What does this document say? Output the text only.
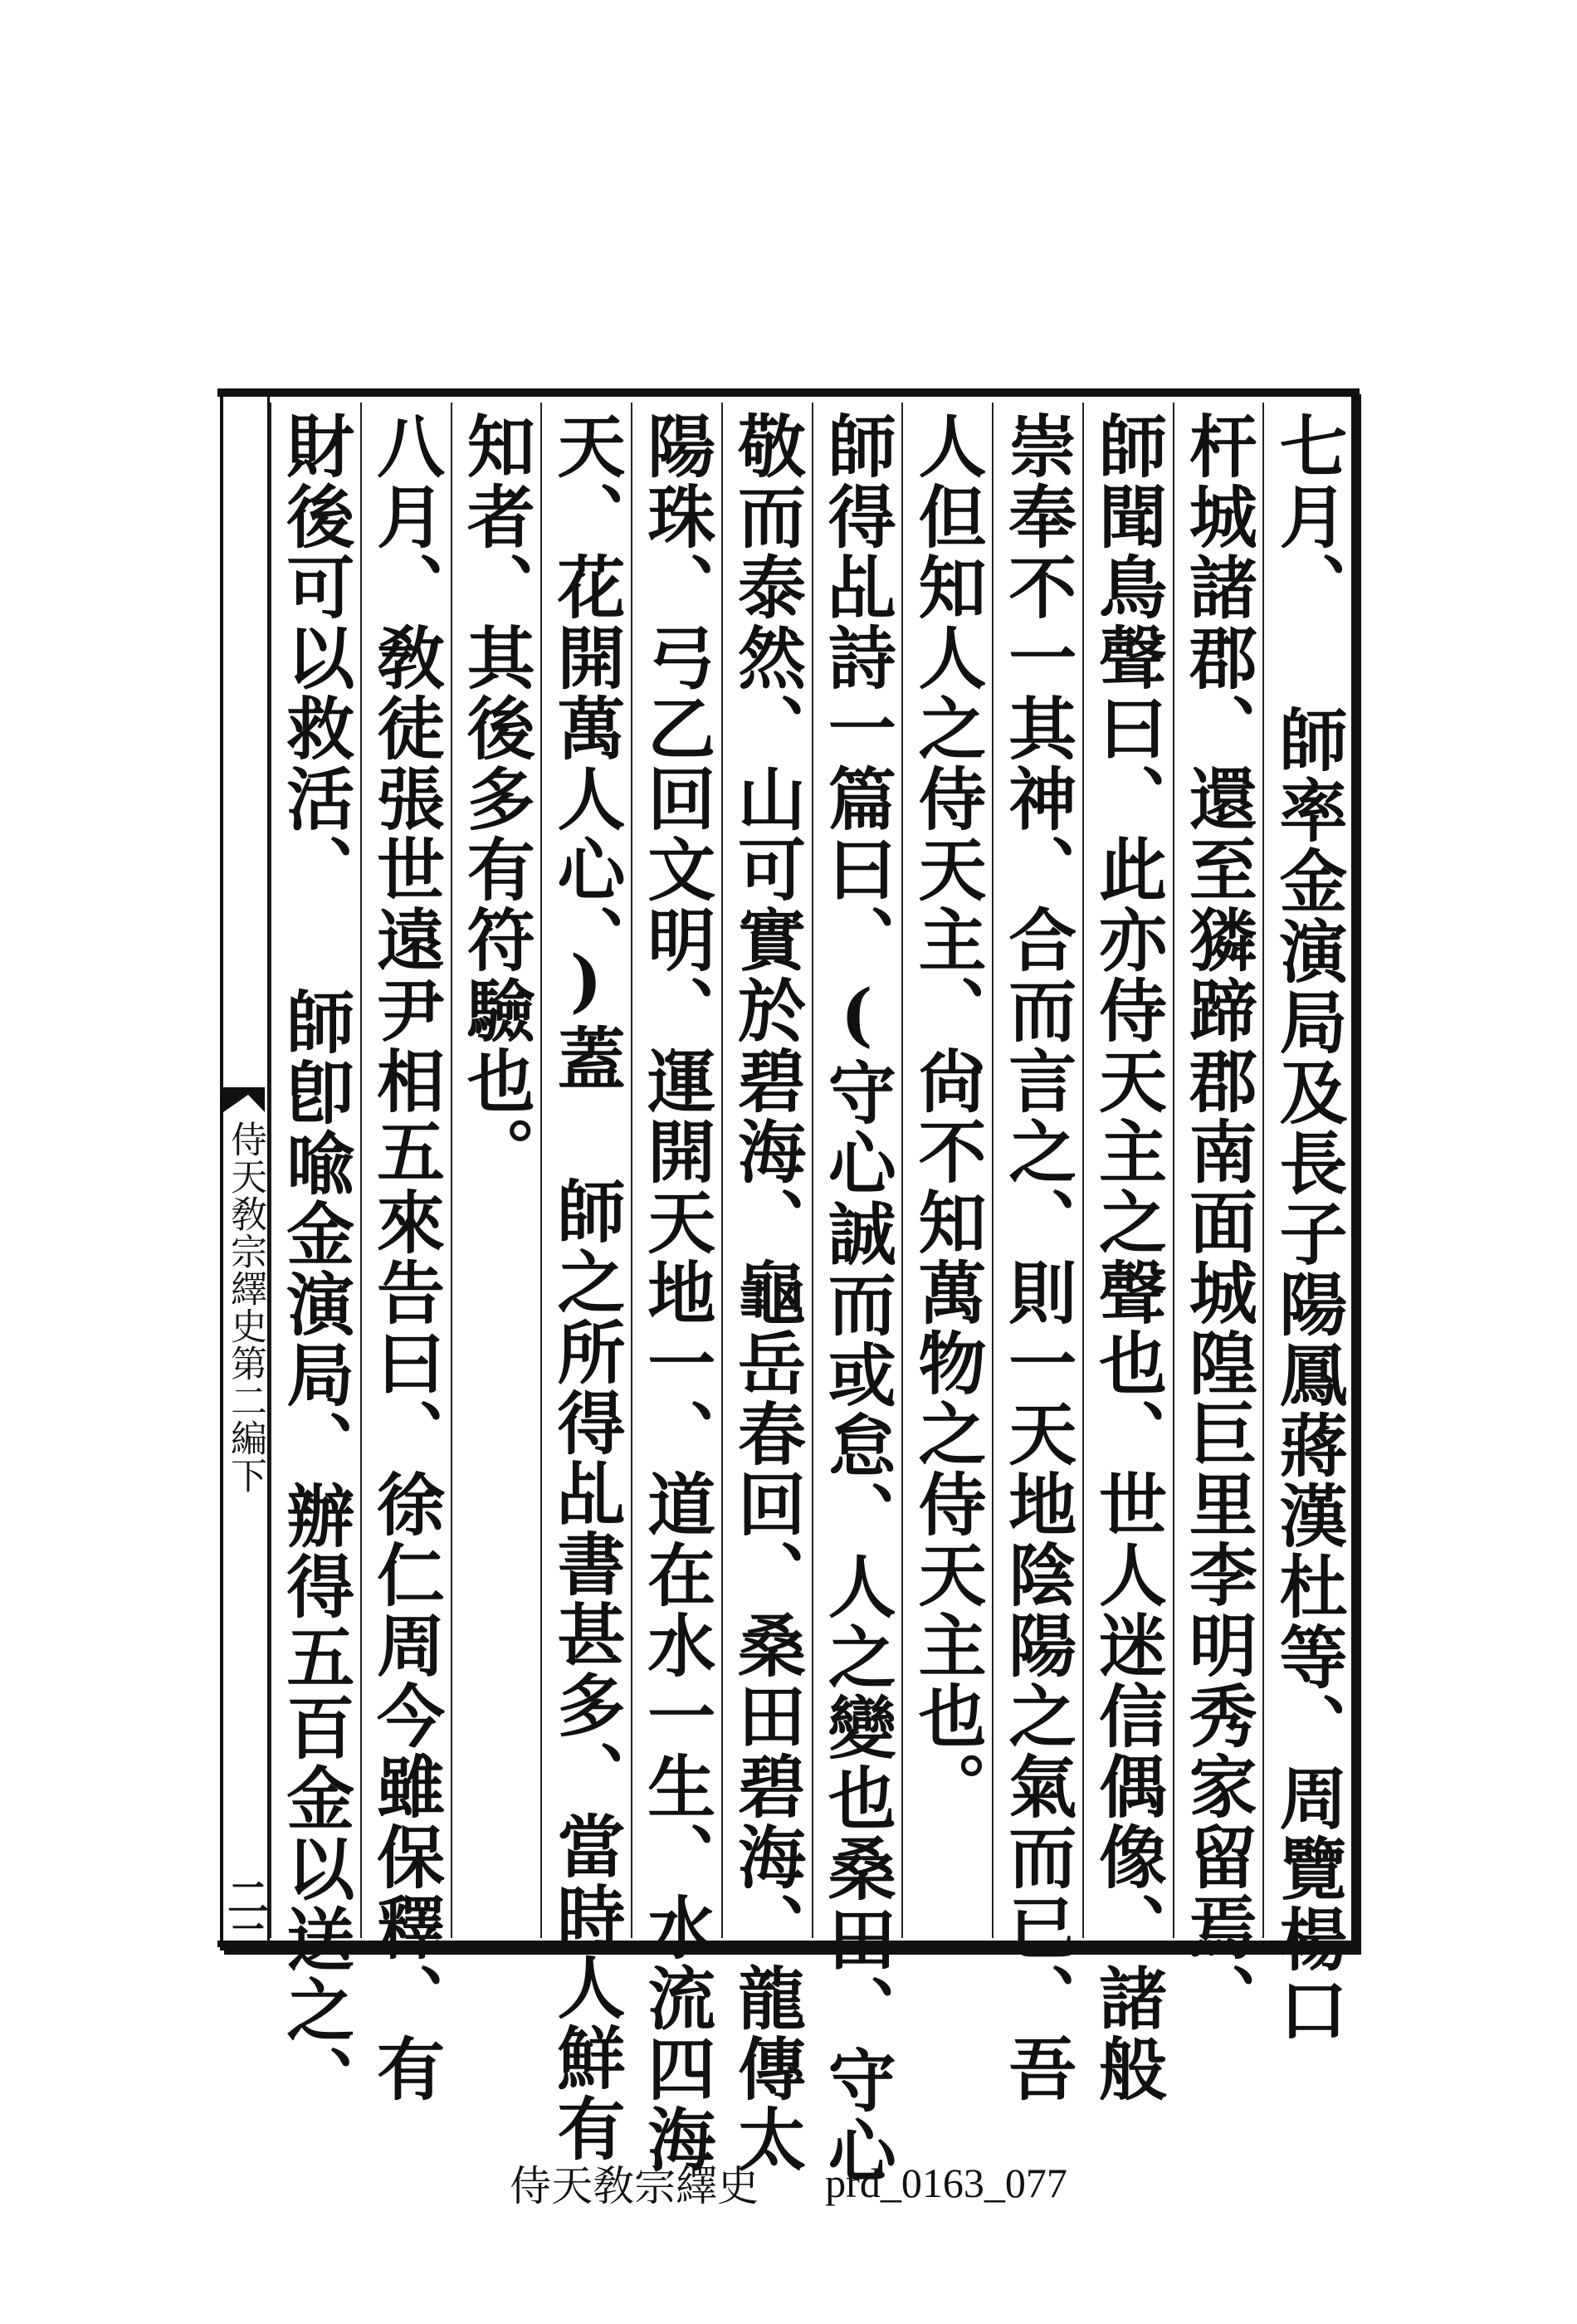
侍天敎宗繹史第二編下
二二	七月、 師率金演局及長子陽鳳蔣漢杜等、周覽楊口
杆城諸郡、還至獜蹄郡南面城隍巨里李明秀家留焉、
師聞鳥聲曰、此亦侍天主之聲也、世人迷信偶像、諸般
崇奉不一其神、合而言之、則一天地陰陽之氣而已、吾
人但知人之侍天主、尙不知萬物之侍天主也。
師得乩詩一篇曰、(守心誠而或怠、人之變也桑田、守心
敬而泰然、山可實於碧海、龜岳春回、桑田碧海、龍傳太
陽珠、弓乙回文明、運開天地一、道在水一生、水流四海
天、花開萬人心、)蓋 師之所得乩書甚多、當時人鮮有
知者、其後多有符驗也。
八月、敎徒張世遠尹相五來告曰、徐仁周今雖保釋、有
財後可以救活、 師卽喩金演局、辦得五百金以送之、
侍天敎宗繹史 prd_0163_077
